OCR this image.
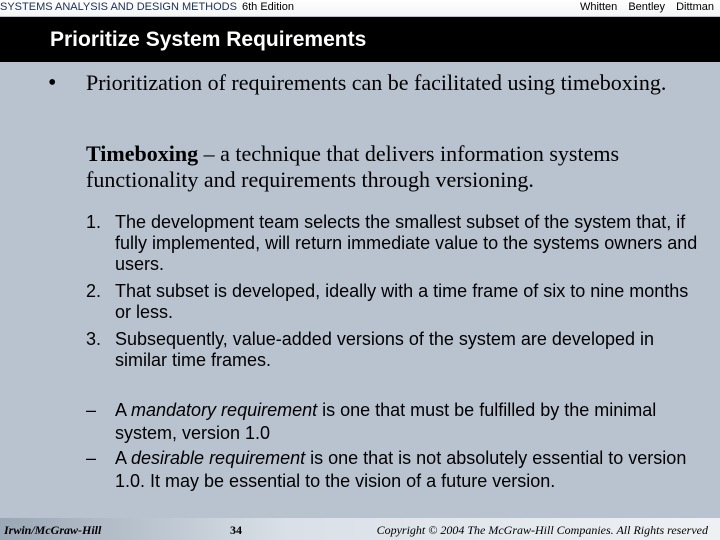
SYSTEMS ANALYSIS AND DESIGN METHODS 6th Edition	Whitten Bentley Dittman
Prioritize System Requirements
• Prioritization of requirements can be facilitated using timeboxing.
Timeboxing – a technique that delivers information systems functionality and requirements through versioning.
1. The development team selects the smallest subset of the system that, if fully implemented, will return immediate value to the systems owners and users.
2. That subset is developed, ideally with a time frame of six to nine months or less.
3. Subsequently, value-added versions of the system are developed in similar time frames.
– A mandatory requirement is one that must be fulfilled by the minimal system, version 1.0
– A desirable requirement is one that is not absolutely essential to version 1.0. It may be essential to the vision of a future version.
Irwin/McGraw-Hill	34	Copyright © 2004 The McGraw-Hill Companies. All Rights reserved
